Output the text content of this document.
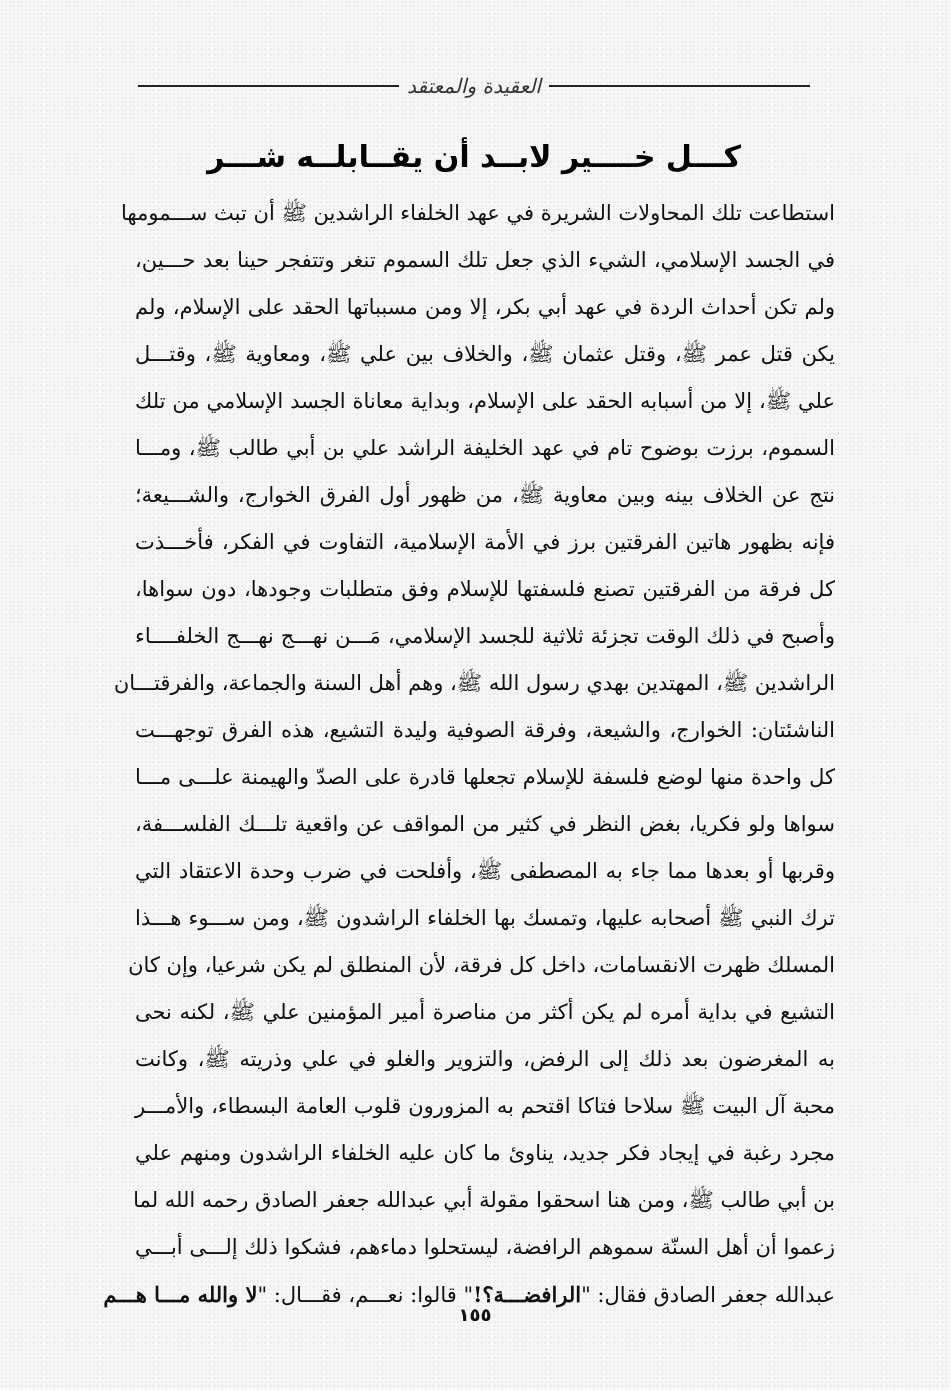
العقيدة والمعتقد
كـــل خــــير لابــد أن يقــابلــه شـــر
استطاعت تلك المحاولات الشريرة في عهد الخلفاء الراشدين ﷺ أن تبث ســـمومها
في الجسد الإسلامي، الشيء الذي جعل تلك السموم تنغر وتتفجر حينا بعد حـــين،
ولم تكن أحداث الردة في عهد أبي بكر، إلا ومن مسبباتها الحقد على الإسلام، ولم
يكن قتل عمر ﷺ، وقتل عثمان ﷺ، والخلاف بين علي ﷺ، ومعاوية ﷺ، وقتـــل
علي ﷺ، إلا من أسبابه الحقد على الإسلام، وبداية معاناة الجسد الإسلامي من تلك
السموم، برزت بوضوح تام في عهد الخليفة الراشد علي بن أبي طالب ﷺ، ومـــا
نتج عن الخلاف بينه وبين معاوية ﷺ، من ظهور أول الفرق الخوارج، والشـــيعة؛
فإنه بظهور هاتين الفرقتين برز في الأمة الإسلامية، التفاوت في الفكر، فأخـــذت
كل فرقة من الفرقتين تصنع فلسفتها للإسلام وفق متطلبات وجودها، دون سواها،
وأصبح في ذلك الوقت تجزئة ثلاثية للجسد الإسلامي، مَـــن نهـــج نهـــج الخلفــــاء
الراشدين ﷺ، المهتدين بهدي رسول الله ﷺ، وهم أهل السنة والجماعة، والفرقتـــان
الناشئتان: الخوارج، والشيعة، وفرقة الصوفية وليدة التشيع، هذه الفرق توجهـــت
كل واحدة منها لوضع فلسفة للإسلام تجعلها قادرة على الصدّ والهيمنة علـــى مـــا
سواها ولو فكريا، بغض النظر في كثير من المواقف عن واقعية تلـــك الفلســـفة،
وقربها أو بعدها مما جاء به المصطفى ﷺ، وأفلحت في ضرب وحدة الاعتقاد التي
ترك النبي ﷺ أصحابه عليها، وتمسك بها الخلفاء الراشدون ﷺ، ومن ســـوء هـــذا
المسلك ظهرت الانقسامات، داخل كل فرقة، لأن المنطلق لم يكن شرعيا، وإن كان
التشيع في بداية أمره لم يكن أكثر من مناصرة أمير المؤمنين علي ﷺ، لكنه نحى
به المغرضون بعد ذلك إلى الرفض، والتزوير والغلو في علي وذريته ﷺ، وكانت
محبة آل البيت ﷺ سلاحا فتاكا اقتحم به المزورون قلوب العامة البسطاء، والأمـــر
مجرد رغبة في إيجاد فكر جديد، يناوئ ما كان عليه الخلفاء الراشدون ومنهم علي
بن أبي طالب ﷺ، ومن هنا اسحقوا مقولة أبي عبدالله جعفر الصادق رحمه الله لما
زعموا أن أهل السنّة سموهم الرافضة، ليستحلوا دماءهم، فشكوا ذلك إلـــى أبـــي
عبدالله جعفر الصادق فقال: "الرافضـــة؟!" قالوا: نعـــم، فقـــال: "لا والله مـــا هـــم
١٥٥
